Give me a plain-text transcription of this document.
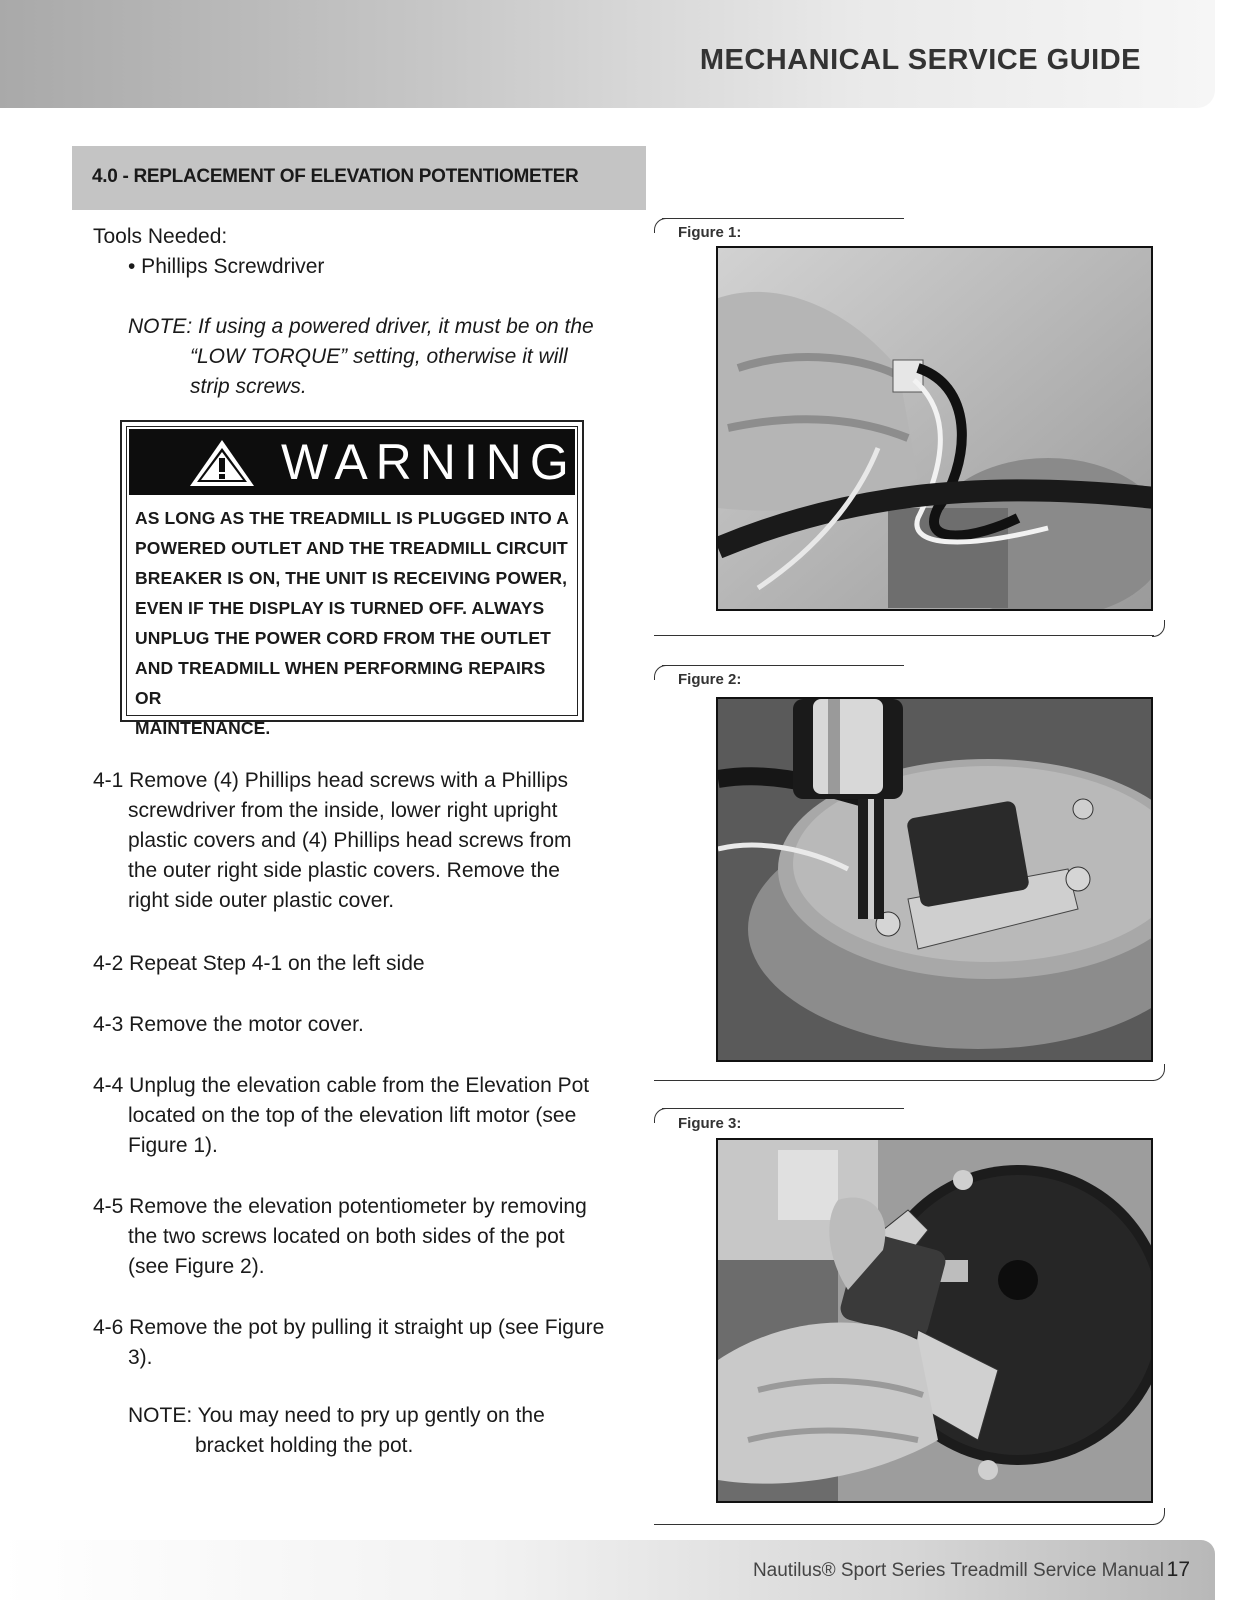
MECHANICAL SERVICE GUIDE
4.0 - REPLACEMENT OF ELEVATION POTENTIOMETER
Tools Needed:
• Phillips Screwdriver
NOTE: If using a powered driver, it must be on the
“LOW TORQUE” setting, otherwise it will
strip screws.
WARNING
AS LONG AS THE TREADMILL IS PLUGGED INTO A
POWERED OUTLET AND THE TREADMILL CIRCUIT
BREAKER IS ON, THE UNIT IS RECEIVING POWER,
EVEN IF THE DISPLAY IS TURNED OFF. ALWAYS
UNPLUG THE POWER CORD FROM THE OUTLET
AND TREADMILL WHEN PERFORMING REPAIRS OR
MAINTENANCE.
4-1 Remove (4) Phillips head screws with a Phillips
screwdriver from the inside, lower right upright
plastic covers and (4) Phillips head screws from
the outer right side plastic covers. Remove the
right side outer plastic cover.
4-2 Repeat Step 4-1 on the left side
4-3 Remove the motor cover.
4-4 Unplug the elevation cable from the Elevation Pot
located on the top of the elevation lift motor (see
Figure 1).
4-5 Remove the elevation potentiometer by removing
the two screws located on both sides of the pot
(see Figure 2).
4-6 Remove the pot by pulling it straight up (see Figure
3).
NOTE: You may need to pry up gently on the
bracket holding the pot.
Figure 1:
Figure 2:
Figure 3:
Nautilus® Sport Series Treadmill Service Manual 17
